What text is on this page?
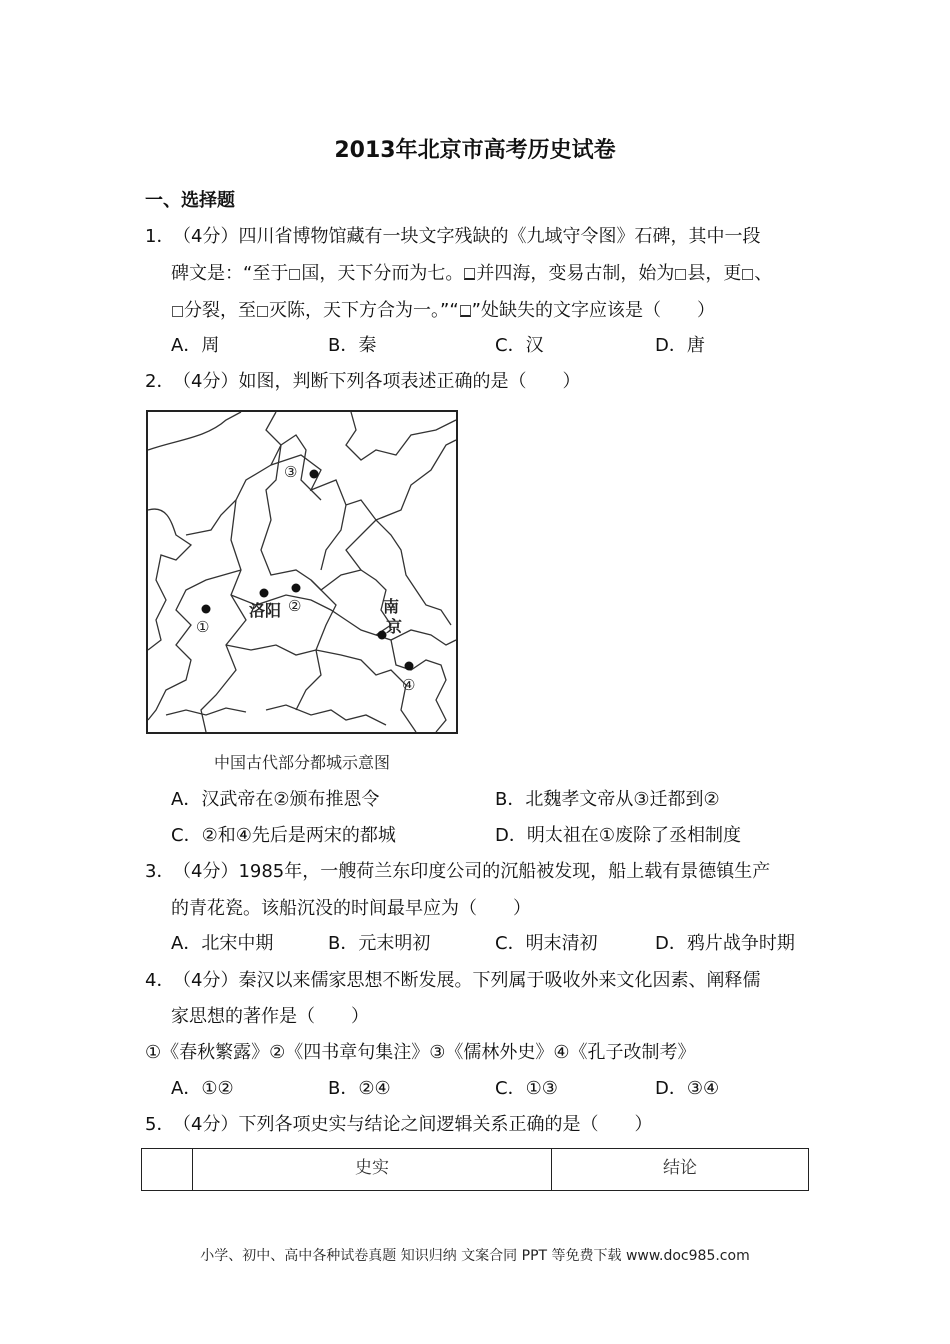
2013年北京市高考历史试卷
一、选择题
1．（4分）四川省博物馆藏有一块文字残缺的《九域守令图》石碑，其中一段
碑文是：“至于 国，天下分而为七。 并四海，变易古制，始为 县，更 、
分裂，至 灭陈，天下方合为一。”“ ”处缺失的文字应该是（　　）
A．周	B．秦	C．汉	D．唐
2．（4分）如图，判断下列各项表述正确的是（　　）
③
①
②
④
洛阳	南
京
中国古代部分都城示意图
A．汉武帝在②颁布推恩令	B．北魏孝文帝从③迁都到②
C．②和④先后是两宋的都城	D．明太祖在①废除了丞相制度
3．（4分）1985年，一艘荷兰东印度公司的沉船被发现，船上载有景德镇生产
的青花瓷。该船沉没的时间最早应为（　　）
A．北宋中期	B．元末明初	C．明末清初	D．鸦片战争时期
4．（4分）秦汉以来儒家思想不断发展。下列属于吸收外来文化因素、阐释儒
家思想的著作是（　　）
①《春秋繁露》②《四书章句集注》③《儒林外史》④《孔子改制考》
A．①②	B．②④	C．①③	D．③④
5．（4分）下列各项史实与结论之间逻辑关系正确的是（　　）
	史实	结论
小学、初中、高中各种试卷真题 知识归纳 文案合同 PPT 等免费下载 www.doc985.com
